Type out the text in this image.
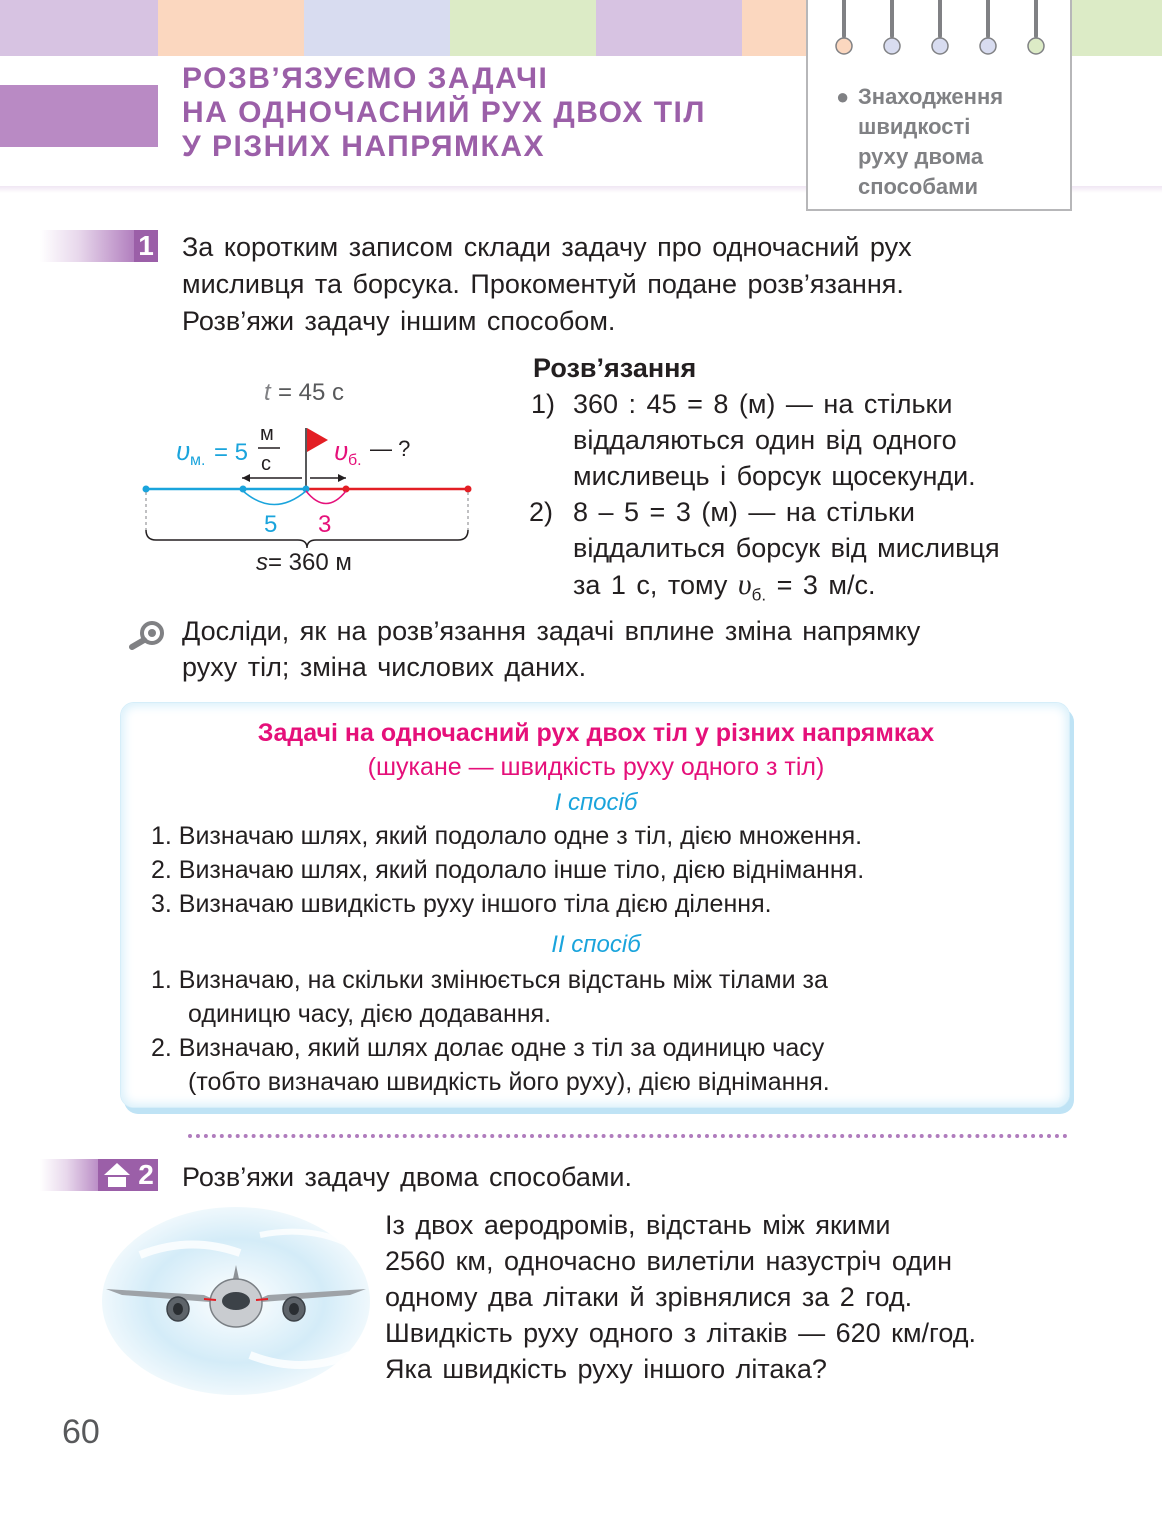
РОЗВ’ЯЗУЄМО ЗАДАЧІ
НА ОДНОЧАСНИЙ РУХ ДВОХ ТІЛ
У РІЗНИХ НАПРЯМКАХ
● Знаходження
швидкості
руху двома
способами
1 За коротким записом склади задачу про одночасний рух
мисливця та борсука. Прокоментуй подане розв’язання.
Розв’яжи задачу іншим способом.
t = 45 с
υ м. = 5
м
с υ б. — ?
5 3
s = 360 м
Розв’язання
1) 360 : 45 = 8 (м) — на стільки
віддаляються один від одного
мисливець і борсук щосекунди.
2) 8 – 5 = 3 (м) — на стільки
віддалиться борсук від мисливця
за 1 с, тому $\upsilon_{б.} = 3$ м/с.
Досліди, як на розв’язання задачі вплине зміна напрямку
руху тіл; зміна числових даних.
Задачі на одночасний рух двох тіл у різних напрямках
(шукане — швидкість руху одного з тіл)
І спосіб
1. Визначаю шлях, який подолало одне з тіл, дією множення.
2. Визначаю шлях, який подолало інше тіло, дією віднімання.
3. Визначаю швидкість руху іншого тіла дією ділення.
ІІ спосіб
1. Визначаю, на скільки змінюється відстань між тілами за
одиницю часу, дією додавання.
2. Визначаю, який шлях долає одне з тіл за одиницю часу
(тобто визначаю швидкість його руху), дією віднімання.
2 Розв’яжи задачу двома способами.
Із двох аеродромів, відстань між якими
2560 км, одночасно вилетіли назустріч один
одному два літаки й зрівнялися за 2 год.
Швидкість руху одного з літаків — 620 км/год.
Яка швидкість руху іншого літака?
60
